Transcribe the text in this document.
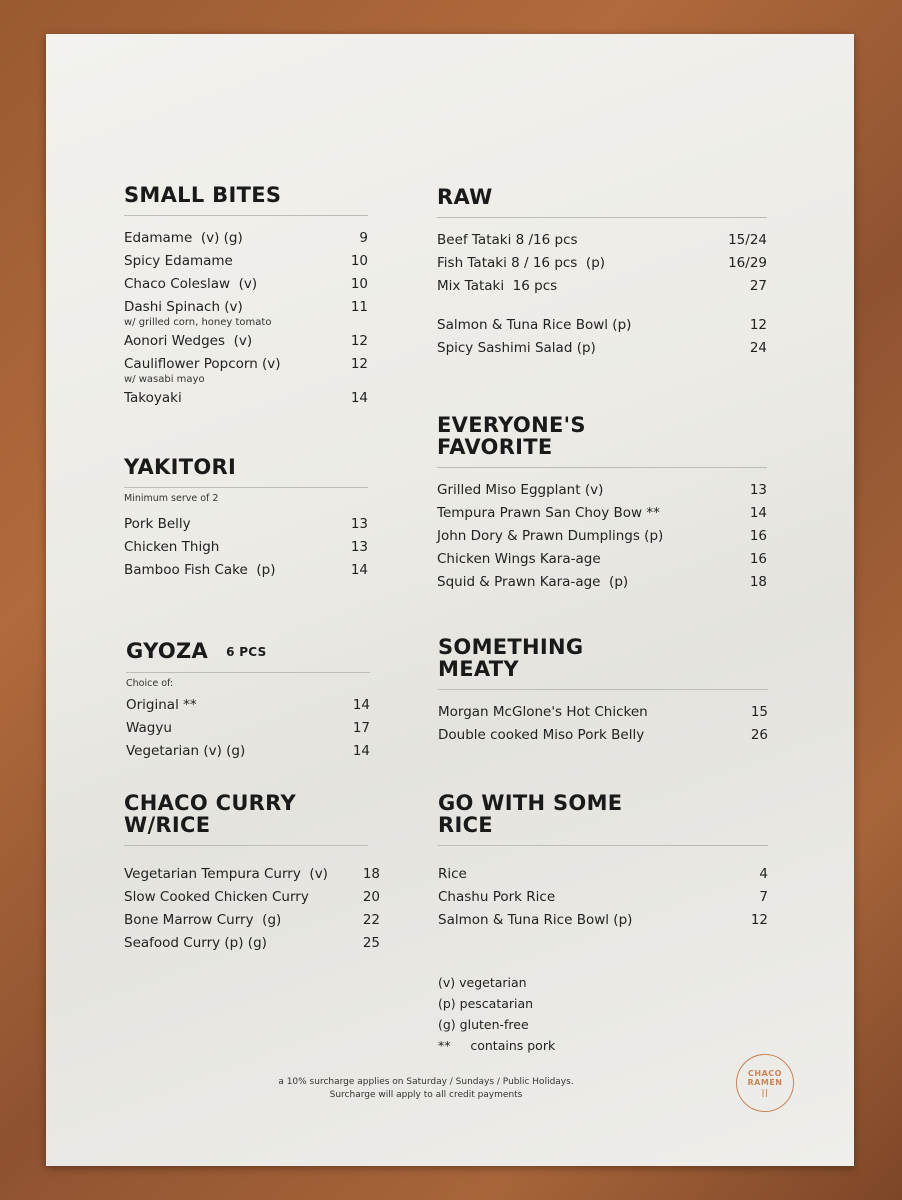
SMALL BITES
Edamame  (v) (g)	9
Spicy Edamame	10
Chaco Coleslaw  (v)	10
Dashi Spinach (v)	11
w/ grilled corn, honey tomato
Aonori Wedges  (v)	12
Cauliflower Popcorn (v)	12
w/ wasabi mayo
Takoyaki	14
YAKITORI
Minimum serve of 2
Pork Belly	13
Chicken Thigh	13
Bamboo Fish Cake  (p)	14

GYOZA 6 PCS

Choice of:
Original **	14
Wagyu	17
Vegetarian (v) (g)	14
CHACO CURRY
W/RICE
Vegetarian Tempura Curry  (v)	18
Slow Cooked Chicken Curry	20
Bone Marrow Curry  (g)	22
Seafood Curry (p) (g)	25
RAW
Beef Tataki 8 /16 pcs	15/24
Fish Tataki 8 / 16 pcs  (p)	16/29
Mix Tataki  16 pcs	27
Salmon & Tuna Rice Bowl (p)	12
Spicy Sashimi Salad (p)	24
EVERYONE'S
FAVORITE
Grilled Miso Eggplant (v)	13
Tempura Prawn San Choy Bow **	14
John Dory & Prawn Dumplings (p)	16
Chicken Wings Kara-age	16
Squid & Prawn Kara-age  (p)	18
SOMETHING
MEATY
Morgan McGlone's Hot Chicken	15
Double cooked Miso Pork Belly	26
GO WITH SOME
RICE
Rice	4
Chashu Pork Rice	7
Salmon & Tuna Rice Bowl (p)	12
(v) vegetarian
(p) pescatarian
(g) gluten-free
**     contains pork
a 10% surcharge applies on Saturday / Sundays / Public Holidays.
Surcharge will apply to all credit payments
CHACO
RAMEN
||
